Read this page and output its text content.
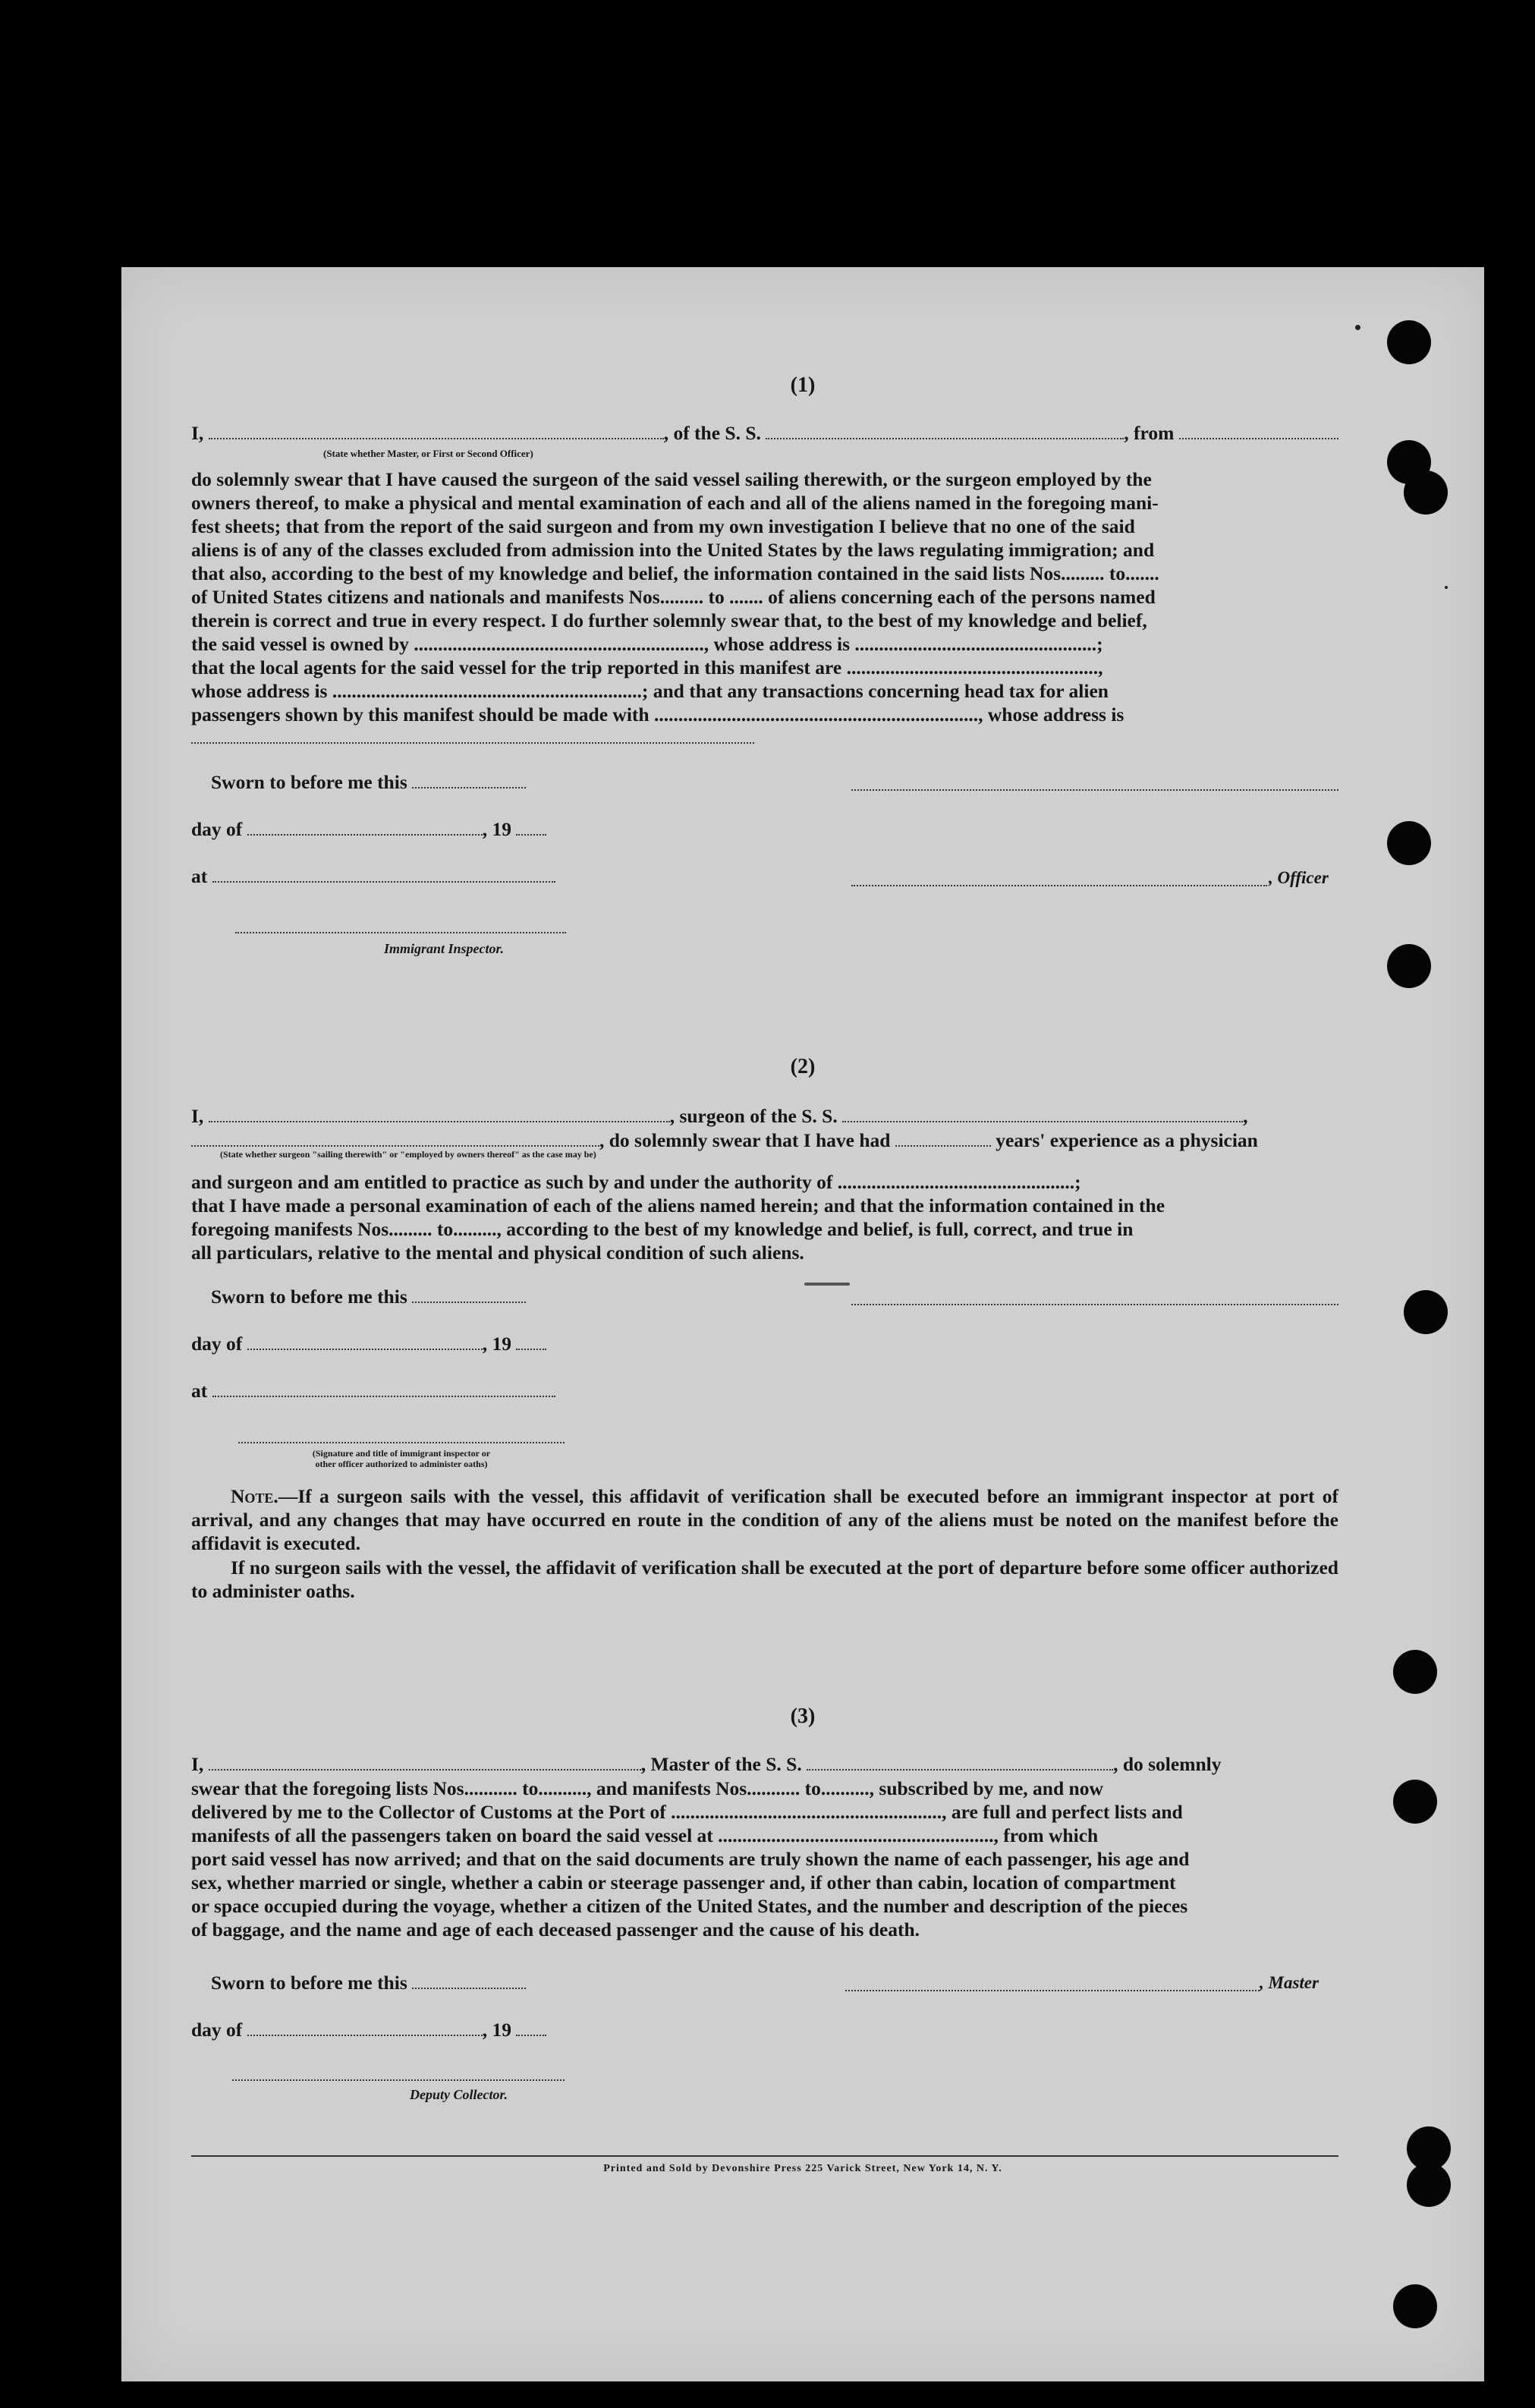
(1)
I,	, of the S. S.	, from
(State whether Master, or First or Second Officer)
do solemnly swear that I have caused the surgeon of the said vessel sailing therewith, or the surgeon employed by the
owners thereof, to make a physical and mental examination of each and all of the aliens named in the foregoing mani-
fest sheets; that from the report of the said surgeon and from my own investigation I believe that no one of the said
aliens is of any of the classes excluded from admission into the United States by the laws regulating immigration; and
that also, according to the best of my knowledge and belief, the information contained in the said lists Nos......... to.......
of United States citizens and nationals and manifests Nos......... to ....... of aliens concerning each of the persons named
therein is correct and true in every respect. I do further solemnly swear that, to the best of my knowledge and belief,
the said vessel is owned by ............................................................, whose address is ..................................................;
that the local agents for the said vessel for the trip reported in this manifest are ....................................................,
whose address is ................................................................; and that any transactions concerning head tax for alien
passengers shown by this manifest should be made with ..................................................................., whose address is
Sworn to before me this
day of	, 19
at	, Officer
Immigrant Inspector.
(2)
I,	, surgeon of the S. S.	,
, do solemnly swear that I have had	years' experience as a physician
(State whether surgeon "sailing therewith" or "employed by owners thereof" as the case may be)
and surgeon and am entitled to practice as such by and under the authority of .................................................;
that I have made a personal examination of each of the aliens named herein; and that the information contained in the
foregoing manifests Nos......... to........., according to the best of my knowledge and belief, is full, correct, and true in
all particulars, relative to the mental and physical condition of such aliens.
Sworn to before me this
day of	, 19
at
(Signature and title of immigrant inspector or
other officer authorized to administer oaths)
Note.—If a surgeon sails with the vessel, this affidavit of verification shall be executed before an immigrant inspector at port of arrival, and any changes that may have occurred en route in the condition of any of the aliens must be noted on the manifest before the affidavit is executed.
If no surgeon sails with the vessel, the affidavit of verification shall be executed at the port of departure before some officer authorized to administer oaths.
(3)
I,	, Master of the S. S.	, do solemnly
swear that the foregoing lists Nos........... to.........., and manifests Nos........... to.........., subscribed by me, and now
delivered by me to the Collector of Customs at the Port of ........................................................, are full and perfect lists and
manifests of all the passengers taken on board the said vessel at ........................................................., from which
port said vessel has now arrived; and that on the said documents are truly shown the name of each passenger, his age and
sex, whether married or single, whether a cabin or steerage passenger and, if other than cabin, location of compartment
or space occupied during the voyage, whether a citizen of the United States, and the number and description of the pieces
of baggage, and the name and age of each deceased passenger and the cause of his death.
Sworn to before me this	, Master
day of	, 19
Deputy Collector.
Printed and Sold by Devonshire Press 225 Varick Street, New York 14, N. Y.
